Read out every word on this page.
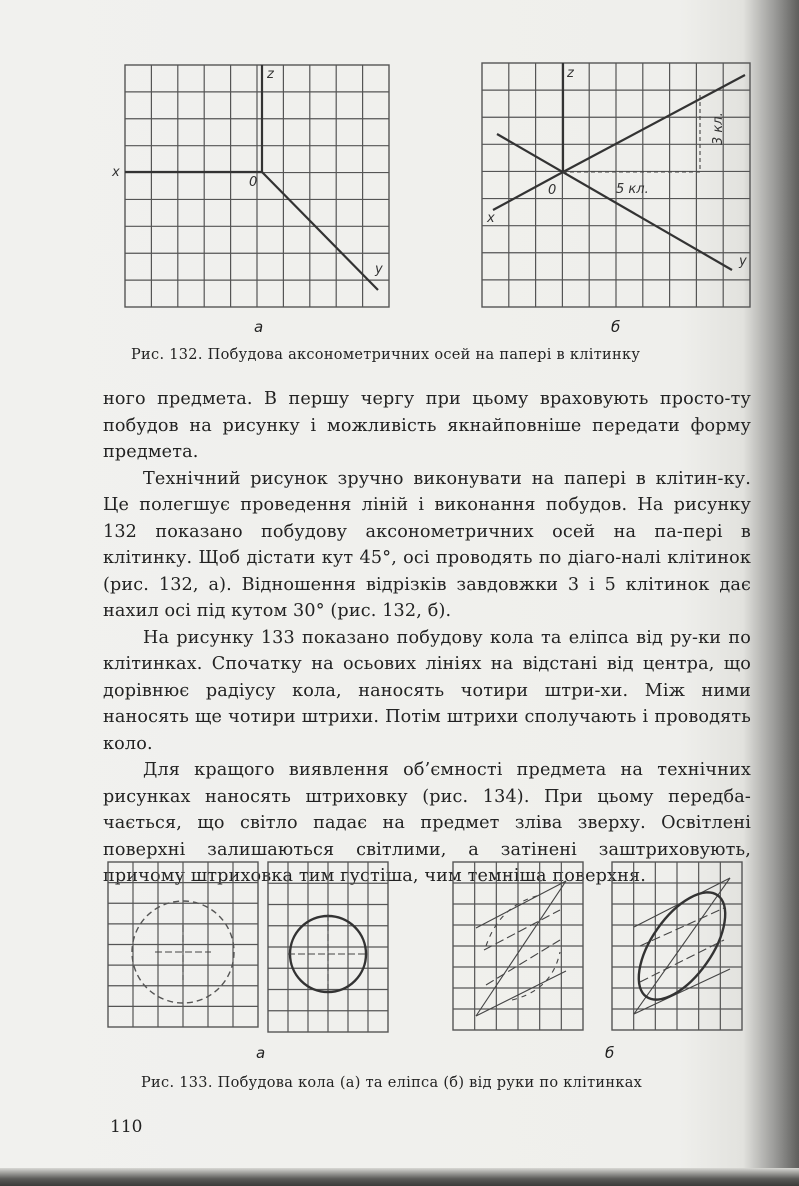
x
z
0
y
z
x
0
y
5 кл.
3 кл.
а	б
Рис. 132. Побудова аксонометричних осей на папері в клітинку

ного предмета. В першу чергу при цьому враховують просто-ту побудов на рисунку і можливість якнайповніше передати форму предмета.

Технічний рисунок зручно виконувати на папері в клітин-ку. Це полегшує проведення ліній і виконання побудов. На рисунку 132 показано побудову аксонометричних осей на па-пері в клітинку. Щоб дістати кут 45°, осі проводять по діаго-налі клітинок (рис. 132, а). Відношення відрізків завдовжки 3 і 5 клітинок дає нахил осі під кутом 30° (рис. 132, б).

На рисунку 133 показано побудову кола та еліпса від ру-ки по клітинках. Спочатку на осьових лініях на відстані від центра, що дорівнює радіусу кола, наносять чотири штри-хи. Між ними наносять ще чотири штрихи. Потім штрихи сполучають і проводять коло.

Для кращого виявлення об’ємності предмета на технічних рисунках наносять штриховку (рис. 134). При цьому передба-чається, що світло падає на предмет зліва зверху. Освітлені поверхні залишаються світлими, а затінені заштриховують, причому штриховка тим густіша, чим темніша поверхня.

а	б
Рис. 133. Побудова кола (а) та еліпса (б) від руки по клітинках
110
